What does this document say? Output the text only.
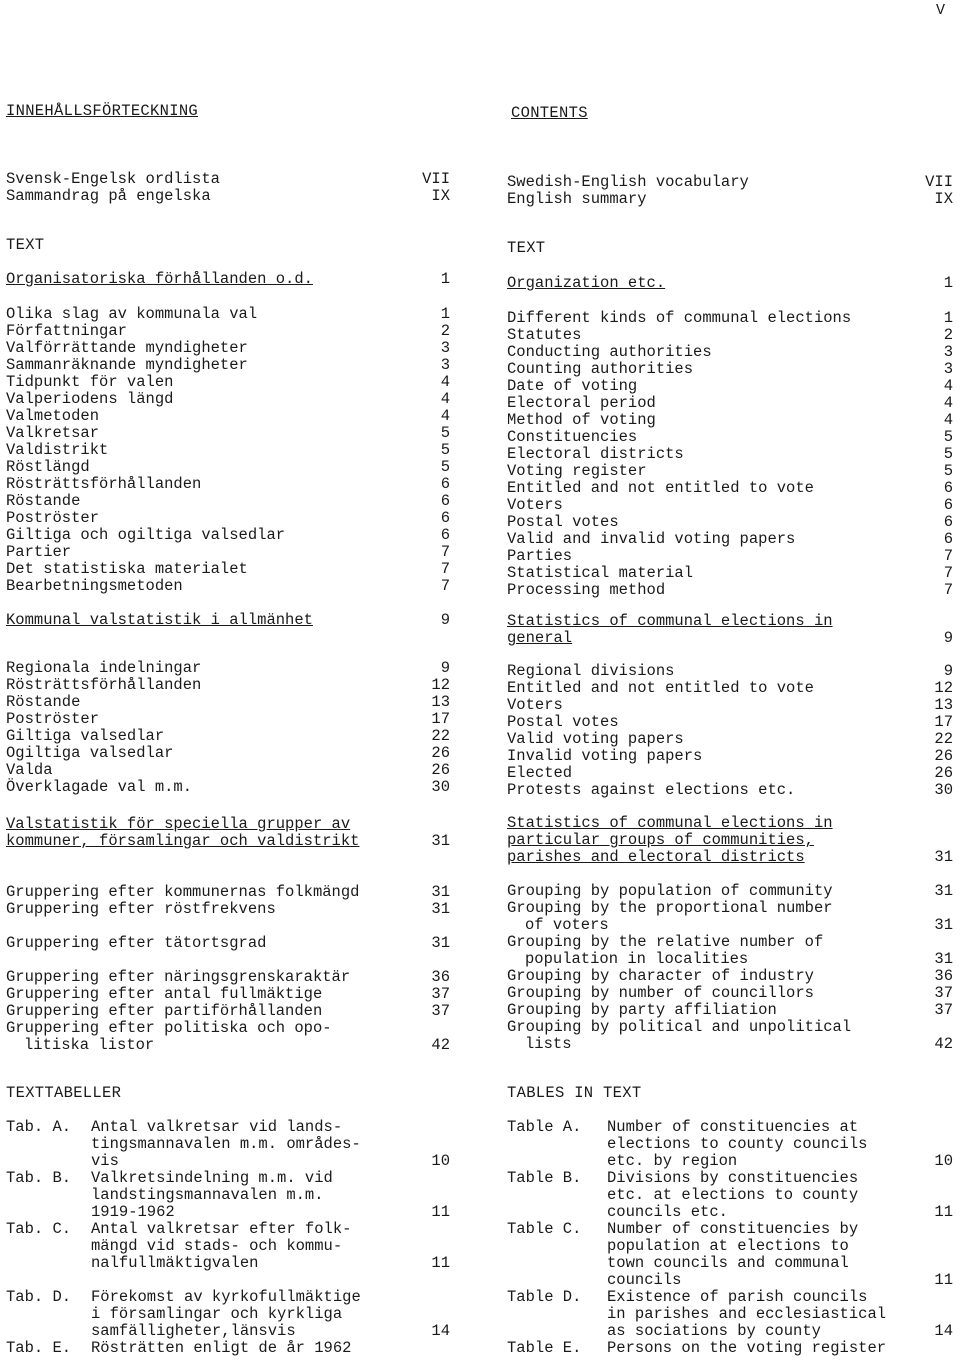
V
INNEHÅLLSFÖRTECKNING
Svensk-Engelsk ordlista	VII
Sammandrag på engelska	IX
TEXT
Organisatoriska förhållanden o.d.	1
Olika slag av kommunala val	1
Författningar	2
Valförrättande myndigheter	3
Sammanräknande myndigheter	3
Tidpunkt för valen	4
Valperiodens längd	4
Valmetoden	4
Valkretsar	5
Valdistrikt	5
Röstlängd	5
Rösträttsförhållanden	6
Röstande	6
Poströster	6
Giltiga och ogiltiga valsedlar	6
Partier	7
Det statistiska materialet	7
Bearbetningsmetoden	7
Kommunal valstatistik i allmänhet	9
Regionala indelningar	9
Rösträttsförhållanden	12
Röstande	13
Poströster	17
Giltiga valsedlar	22
Ogiltiga valsedlar	26
Valda	26
Överklagade val m.m.	30
Valstatistik för speciella grupper av
kommuner, församlingar och valdistrikt	31
Gruppering efter kommunernas folkmängd	31
Gruppering efter röstfrekvens	31
Gruppering efter tätortsgrad	31
Gruppering efter näringsgrenskaraktär	36
Gruppering efter antal fullmäktige	37
Gruppering efter partiförhållanden	37
Gruppering efter politiska och opo-
litiska listor	42
TEXTTABELLER
Tab. A. Antal valkretsar vid lands-
tingsmannavalen m.m. områdes-
vis	10
Tab. B. Valkretsindelning m.m. vid
landstingsmannavalen m.m.
1919-1962	11
Tab. C. Antal valkretsar efter folk-
mängd vid stads- och kommu-
nalfullmäktigvalen	11
Tab. D. Förekomst av kyrkofullmäktige
i församlingar och kyrkliga
samfälligheter,länsvis	14
Tab. E. Rösträtten enligt de år 1962
CONTENTS
Swedish-English vocabulary	VII
English summary	IX
TEXT
Organization etc.	1
Different kinds of communal elections	1
Statutes	2
Conducting authorities	3
Counting authorities	3
Date of voting	4
Electoral period	4
Method of voting	4
Constituencies	5
Electoral districts	5
Voting register	5
Entitled and not entitled to vote	6
Voters	6
Postal votes	6
Valid and invalid voting papers	6
Parties	7
Statistical material	7
Processing method	7
Statistics of communal elections in
general	9
Regional divisions	9
Entitled and not entitled to vote	12
Voters	13
Postal votes	17
Valid voting papers	22
Invalid voting papers	26
Elected	26
Protests against elections etc.	30
Statistics of communal elections in
particular groups of communities,
parishes and electoral districts	31
Grouping by population of community	31
Grouping by the proportional number
of voters	31
Grouping by the relative number of
population in localities	31
Grouping by character of industry	36
Grouping by number of councillors	37
Grouping by party affiliation	37
Grouping by political and unpolitical
lists	42
TABLES IN TEXT
Table A. Number of constituencies at
elections to county councils
etc. by region	10
Table B. Divisions by constituencies
etc. at elections to county
councils etc.	11
Table C. Number of constituencies by
population at elections to
town councils and communal
councils	11
Table D. Existence of parish councils
in parishes and ecclesiastical
as sociations by county	14
Table E. Persons on the voting register
